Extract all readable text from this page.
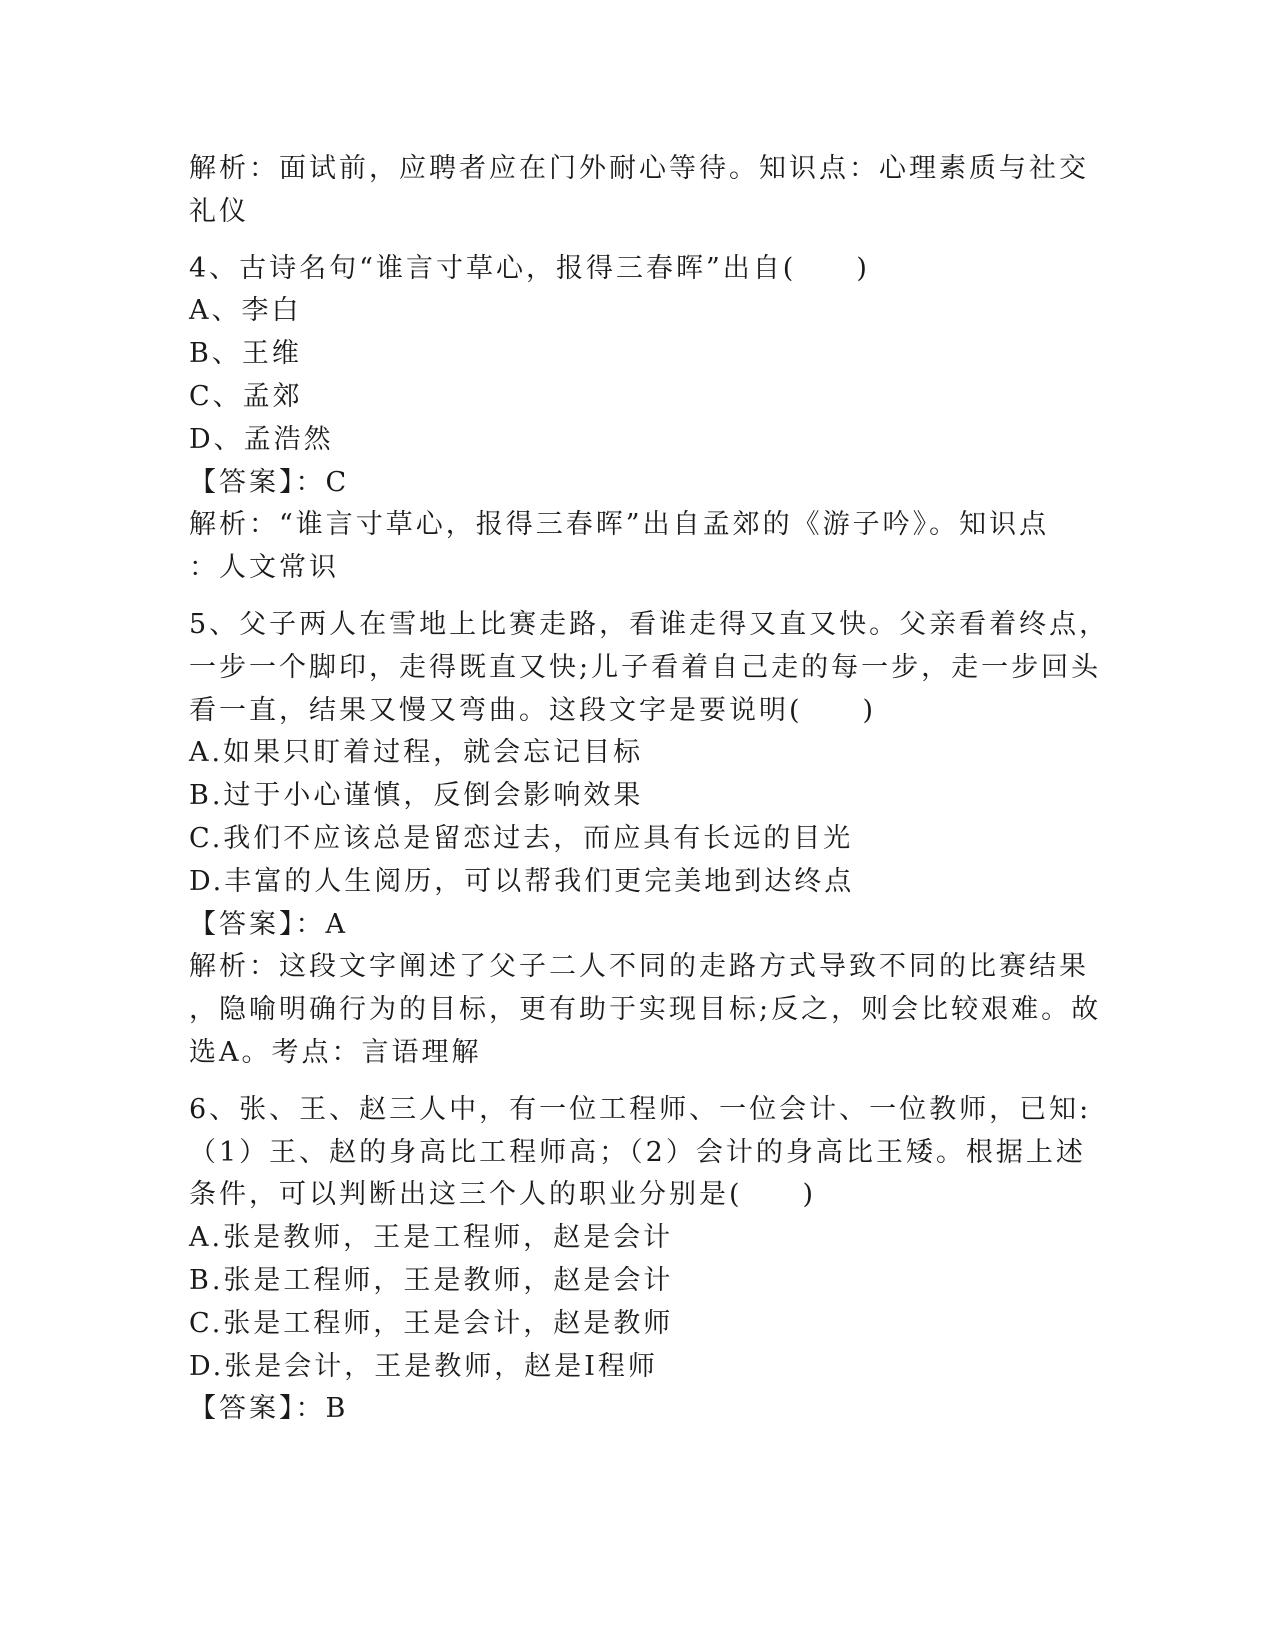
解析：面试前，应聘者应在门外耐心等待。知识点：心理素质与社交
礼仪
4、古诗名句“谁言寸草心，报得三春晖”出自(　　)
A、李白
B、王维
C、孟郊
D、孟浩然
【答案】：C
解析：“谁言寸草心，报得三春晖”出自孟郊的《游子吟》。知识点
：人文常识
5、父子两人在雪地上比赛走路，看谁走得又直又快。父亲看着终点，
一步一个脚印，走得既直又快;儿子看着自己走的每一步，走一步回头
看一直，结果又慢又弯曲。这段文字是要说明(　　)
A.如果只盯着过程，就会忘记目标
B.过于小心谨慎，反倒会影响效果
C.我们不应该总是留恋过去，而应具有长远的目光
D.丰富的人生阅历，可以帮我们更完美地到达终点
【答案】：A
解析：这段文字阐述了父子二人不同的走路方式导致不同的比赛结果
，隐喻明确行为的目标，更有助于实现目标;反之，则会比较艰难。故
选A。考点：言语理解
6、张、王、赵三人中，有一位工程师、一位会计、一位教师，已知:
（1）王、赵的身高比工程师高；（2）会计的身高比王矮。根据上述
条件，可以判断出这三个人的职业分别是(　　)
A.张是教师，王是工程师，赵是会计
B.张是工程师，王是教师，赵是会计
C.张是工程师，王是会计，赵是教师
D.张是会计，王是教师，赵是I程师
【答案】：B
